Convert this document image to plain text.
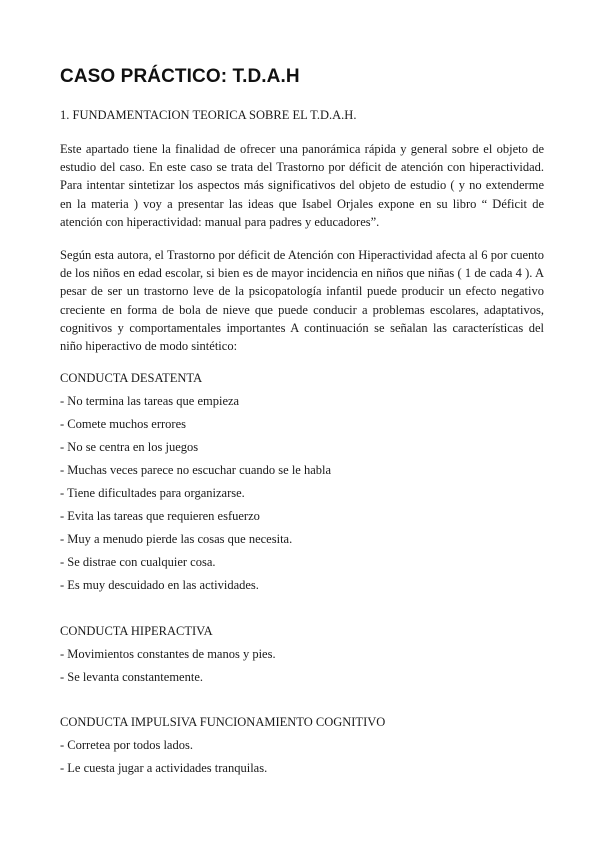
CASO PRÁCTICO: T.D.A.H

1. FUNDAMENTACION TEORICA SOBRE EL T.D.A.H.

Este apartado tiene la finalidad de ofrecer una panorámica rápida y general sobre el objeto de estudio del caso. En este caso se trata del Trastorno por déficit de atención con hiperactividad. Para intentar sintetizar los aspectos más significativos del objeto de estudio ( y no extenderme en la materia ) voy a presentar las ideas que Isabel Orjales expone en su libro “ Déficit de atención con hiperactividad: manual para padres y educadores”.

Según esta autora, el Trastorno por déficit de Atención con Hiperactividad afecta al 6 por cuento de los niños en edad escolar, si bien es de mayor incidencia en niños que niñas ( 1 de cada 4 ). A pesar de ser un trastorno leve de la psicopatología infantil puede producir un efecto negativo creciente en forma de bola de nieve que puede conducir a problemas escolares, adaptativos, cognitivos y comportamentales importantes A continuación se señalan las características del niño hiperactivo de modo sintético:

CONDUCTA DESATENTA

- No termina las tareas que empieza
- Comete muchos errores
- No se centra en los juegos
- Muchas veces parece no escuchar cuando se le habla
- Tiene dificultades para organizarse.
- Evita las tareas que requieren esfuerzo
- Muy a menudo pierde las cosas que necesita.
- Se distrae con cualquier cosa.
- Es muy descuidado en las actividades.

CONDUCTA HIPERACTIVA

- Movimientos constantes de manos y pies.
- Se levanta constantemente.

CONDUCTA IMPULSIVA FUNCIONAMIENTO COGNITIVO

- Corretea por todos lados.
- Le cuesta jugar a actividades tranquilas.
